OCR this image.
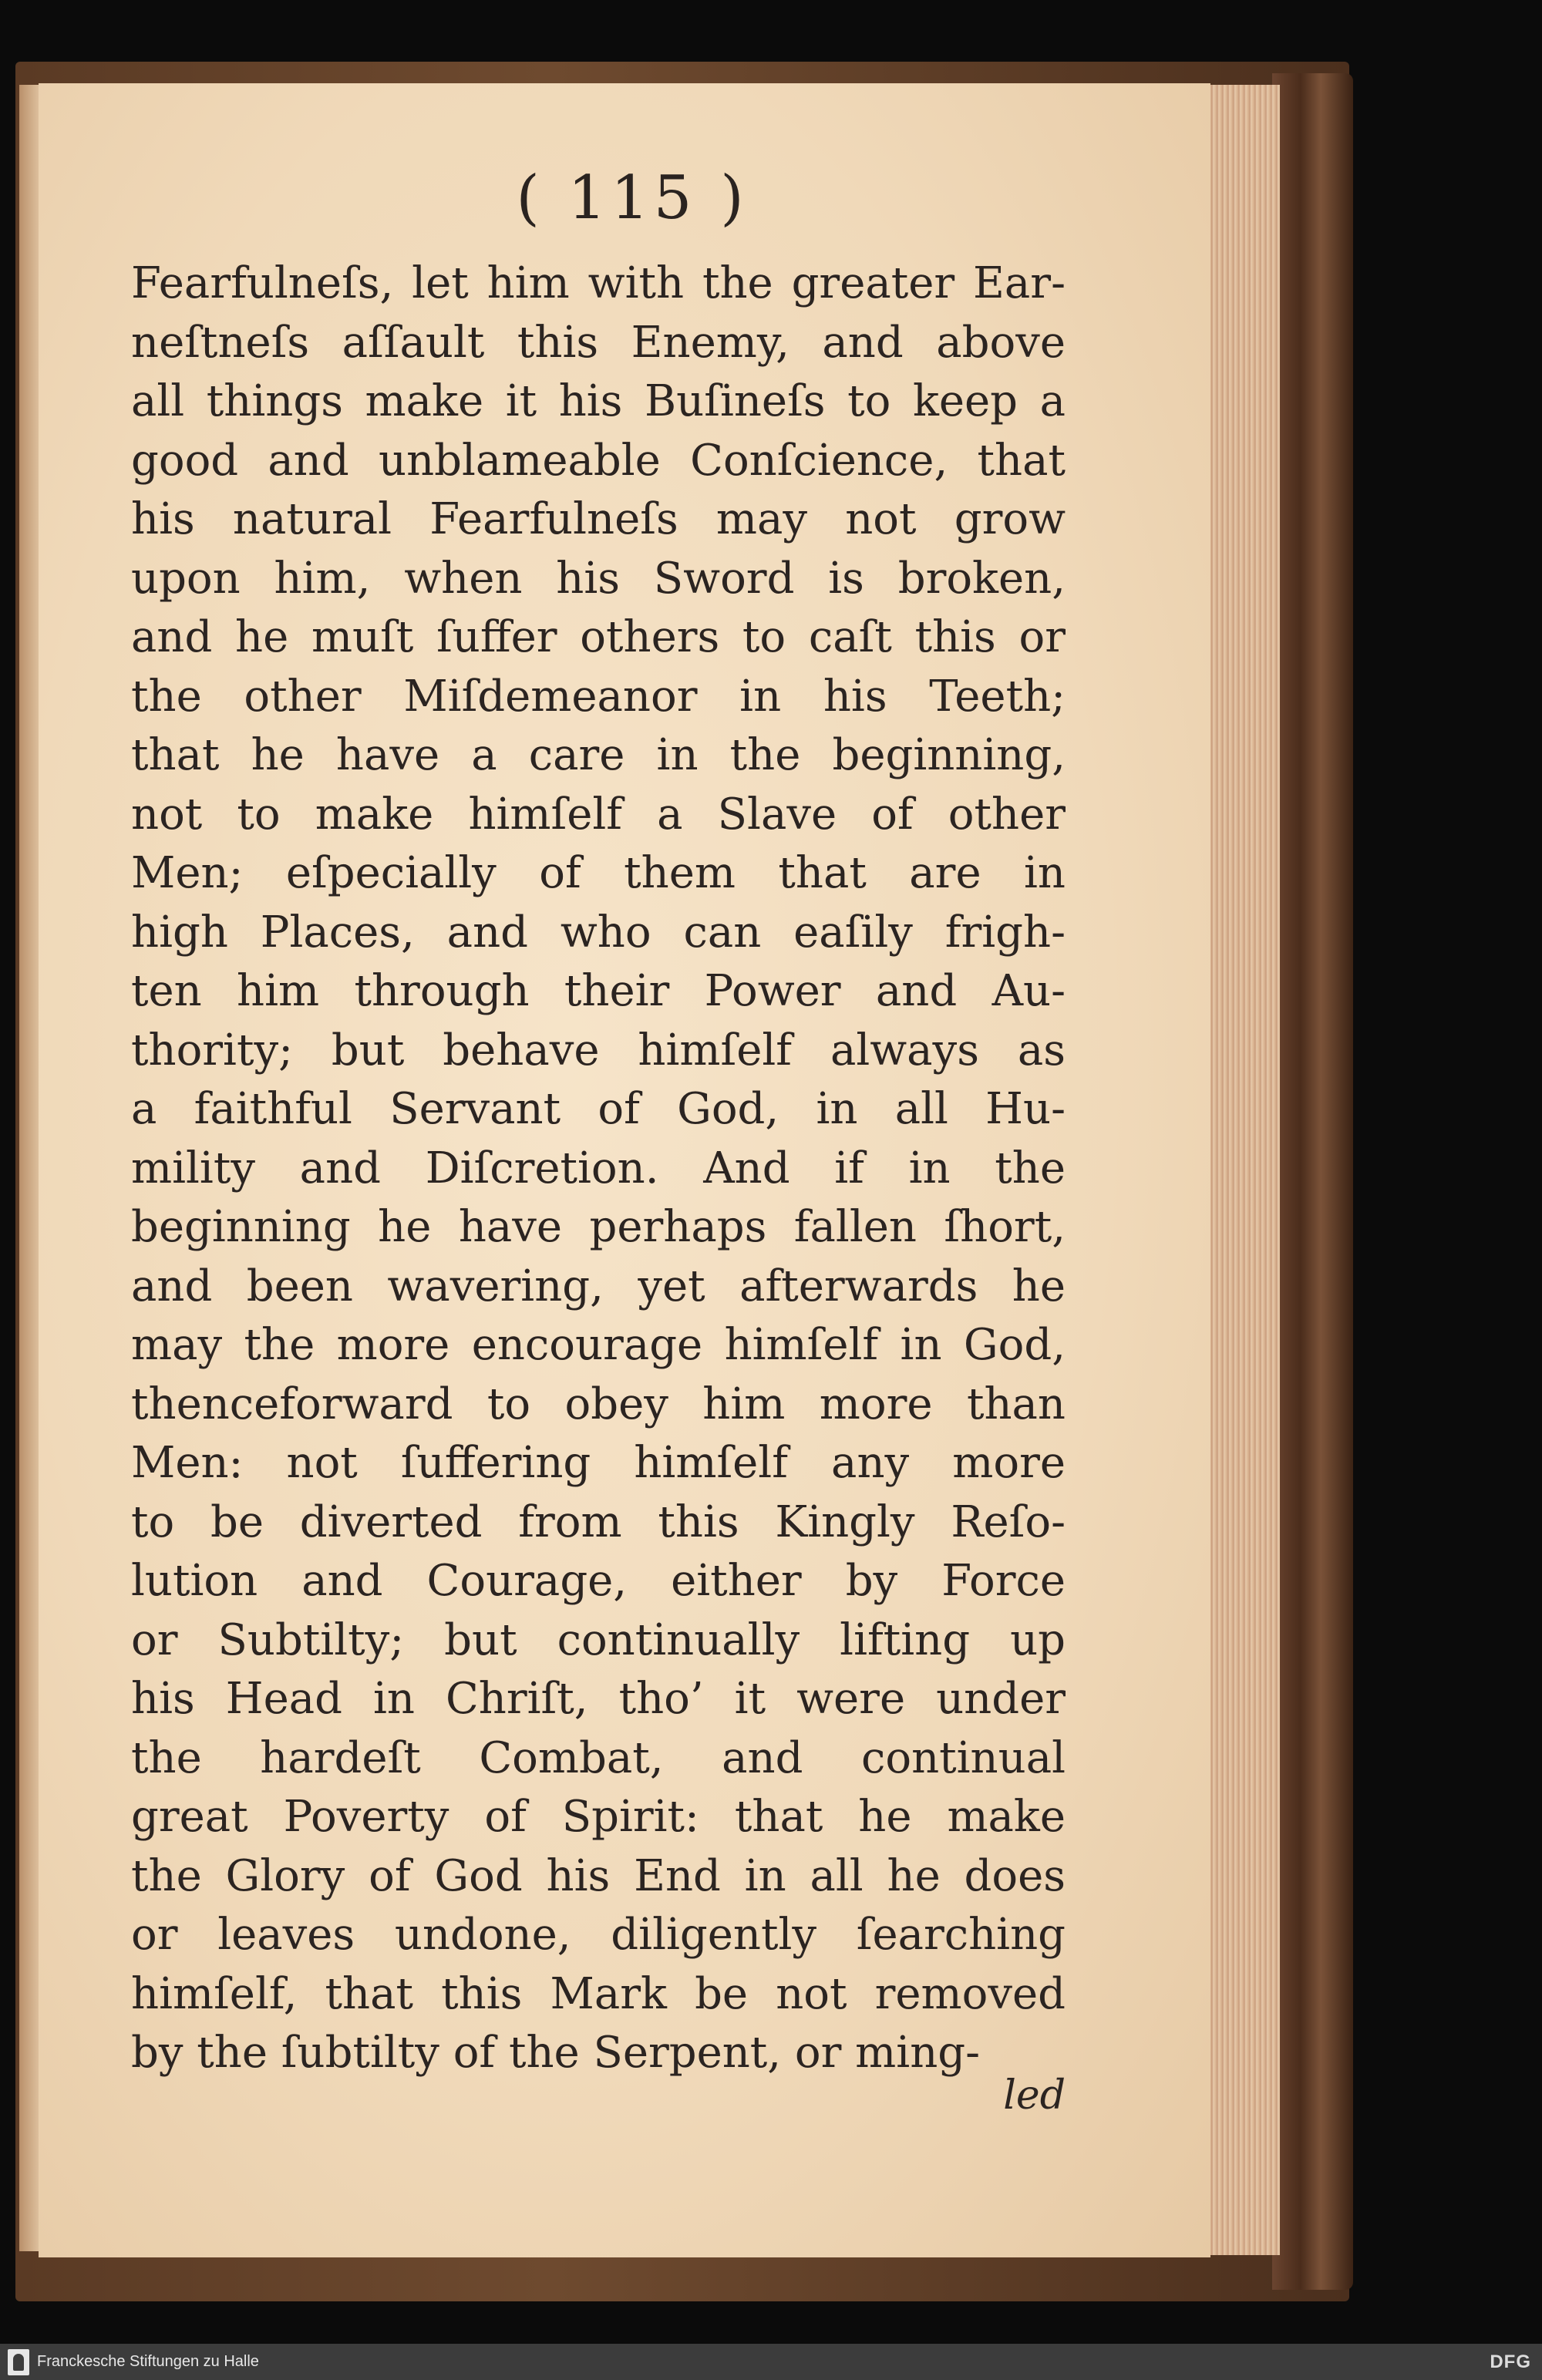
( 115 )
Fearfulneſs, let him with the greater Ear-
neſtneſs aſſault this Enemy, and above
all things make it his Buſineſs to keep a
good and unblameable Conſcience, that
his natural Fearfulneſs may not grow
upon him, when his Sword is broken,
and he muſt ſuffer others to caſt this or
the other Miſdemeanor in his Teeth;
that he have a care in the beginning,
not to make himſelf a Slave of other
Men; eſpecially of them that are in
high Places, and who can eaſily frigh-
ten him through their Power and Au-
thority; but behave himſelf always as
a faithful Servant of God, in all Hu-
mility and Diſcretion. And if in the
beginning he have perhaps fallen ſhort,
and been wavering, yet afterwards he
may the more encourage himſelf in God,
thenceforward to obey him more than
Men: not ſuffering himſelf any more
to be diverted from this Kingly Reſo-
lution and Courage, either by Force
or Subtilty; but continually lifting up
his Head in Chriſt, tho’ it were under
the hardeſt Combat, and continual
great Poverty of Spirit: that he make
the Glory of God his End in all he does
or leaves undone, diligently ſearching
himſelf, that this Mark be not removed
by the ſubtilty of the Serpent, or ming-
led
Franckesche Stiftungen zu Halle	DFG
